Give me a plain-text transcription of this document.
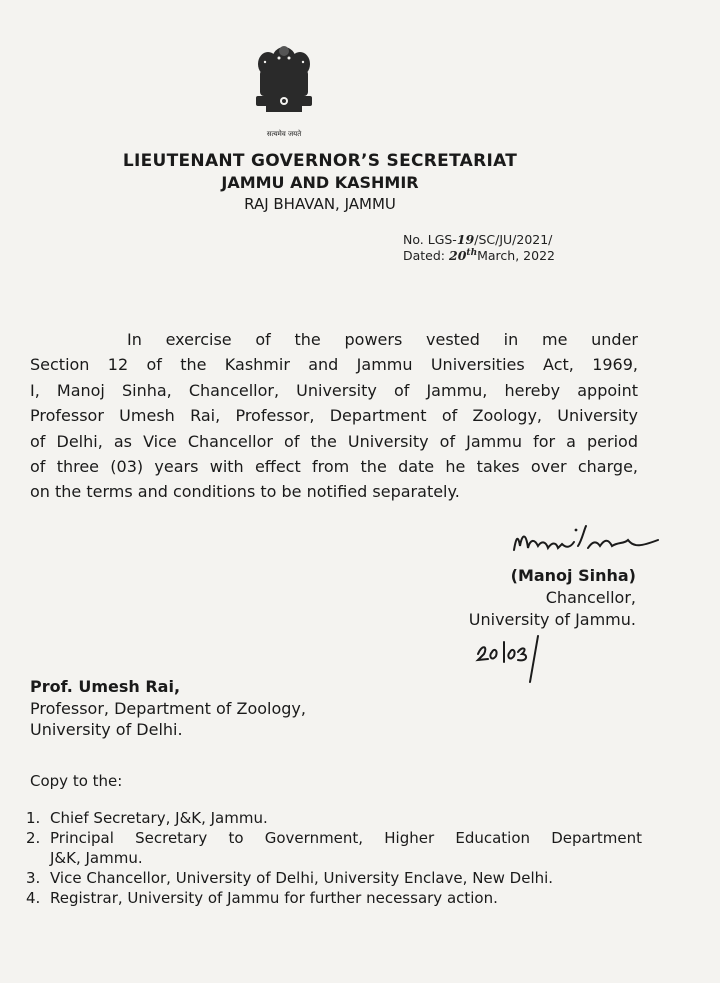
सत्यमेव जयते
LIEUTENANT GOVERNOR’S SECRETARIAT
JAMMU AND KASHMIR
RAJ BHAVAN, JAMMU
No. LGS-19/SC/JU/2021/
Dated: 20thMarch, 2022
In exercise of the powers vested in me under
Section 12 of the Kashmir and Jammu Universities Act, 1969,
I, Manoj Sinha, Chancellor, University of Jammu, hereby appoint
Professor Umesh Rai, Professor, Department of Zoology, University
of Delhi, as Vice Chancellor of the University of Jammu for a period
of three (03) years with effect from the date he takes over charge,
on the terms and conditions to be notified separately.
(Manoj Sinha)
Chancellor,
University of Jammu.
Prof. Umesh Rai,
Professor, Department of Zoology,
University of Delhi.
Copy to the:
1. Chief Secretary, J&K, Jammu.
2. Principal Secretary to Government, Higher Education Department
J&K, Jammu.
3. Vice Chancellor, University of Delhi, University Enclave, New Delhi.
4. Registrar, University of Jammu for further necessary action.
